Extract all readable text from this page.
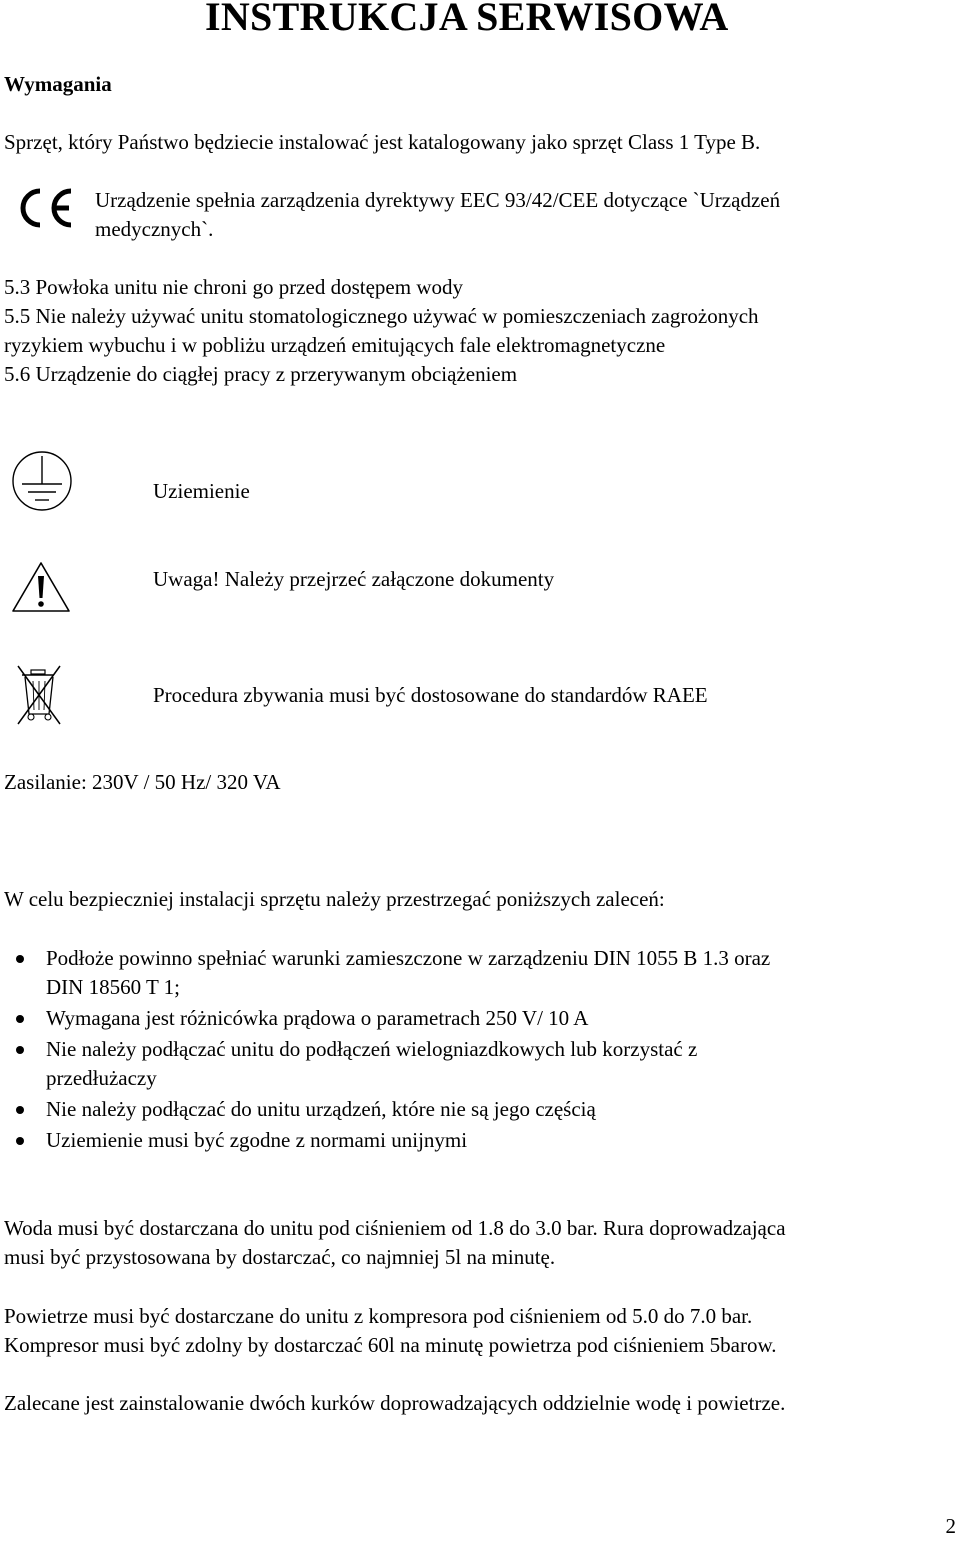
INSTRUKCJA SERWISOWA
Wymagania
Sprzęt, który Państwo będziecie instalować jest katalogowany jako sprzęt Class 1 Type B.
Urządzenie spełnia zarządzenia dyrektywy EEC 93/42/CEE dotyczące `Urządzeń
medycznych`.
5.3 Powłoka unitu nie chroni go przed dostępem wody
5.5 Nie należy używać unitu stomatologicznego używać w pomieszczeniach zagrożonych
ryzykiem wybuchu i w pobliżu urządzeń emitujących fale elektromagnetyczne
5.6 Urządzenie do ciągłej pracy z przerywanym obciążeniem
Uziemienie
Uwaga! Należy przejrzeć załączone dokumenty
Procedura zbywania musi być dostosowane do standardów RAEE
Zasilanie: 230V / 50 Hz/ 320 VA
W celu bezpieczniej instalacji sprzętu należy przestrzegać poniższych zaleceń:
Podłoże powinno spełniać warunki zamieszczone w zarządzeniu DIN 1055 B 1.3 oraz
DIN 18560 T 1;
Wymagana jest różnicówka prądowa o parametrach 250 V/ 10 A
Nie należy podłączać unitu do podłączeń wielogniazdkowych lub korzystać z
przedłużaczy
Nie należy podłączać do unitu urządzeń, które nie są jego częścią
Uziemienie musi być zgodne z normami unijnymi
Woda musi być dostarczana do unitu pod ciśnieniem od 1.8 do 3.0 bar. Rura doprowadzająca
musi być przystosowana by dostarczać, co najmniej 5l na minutę.
Powietrze musi być dostarczane do unitu z kompresora pod ciśnieniem od 5.0 do 7.0 bar.
Kompresor musi być zdolny by dostarczać 60l na minutę powietrza pod ciśnieniem 5barow.
Zalecane jest zainstalowanie dwóch kurków doprowadzających oddzielnie wodę i powietrze.
2
